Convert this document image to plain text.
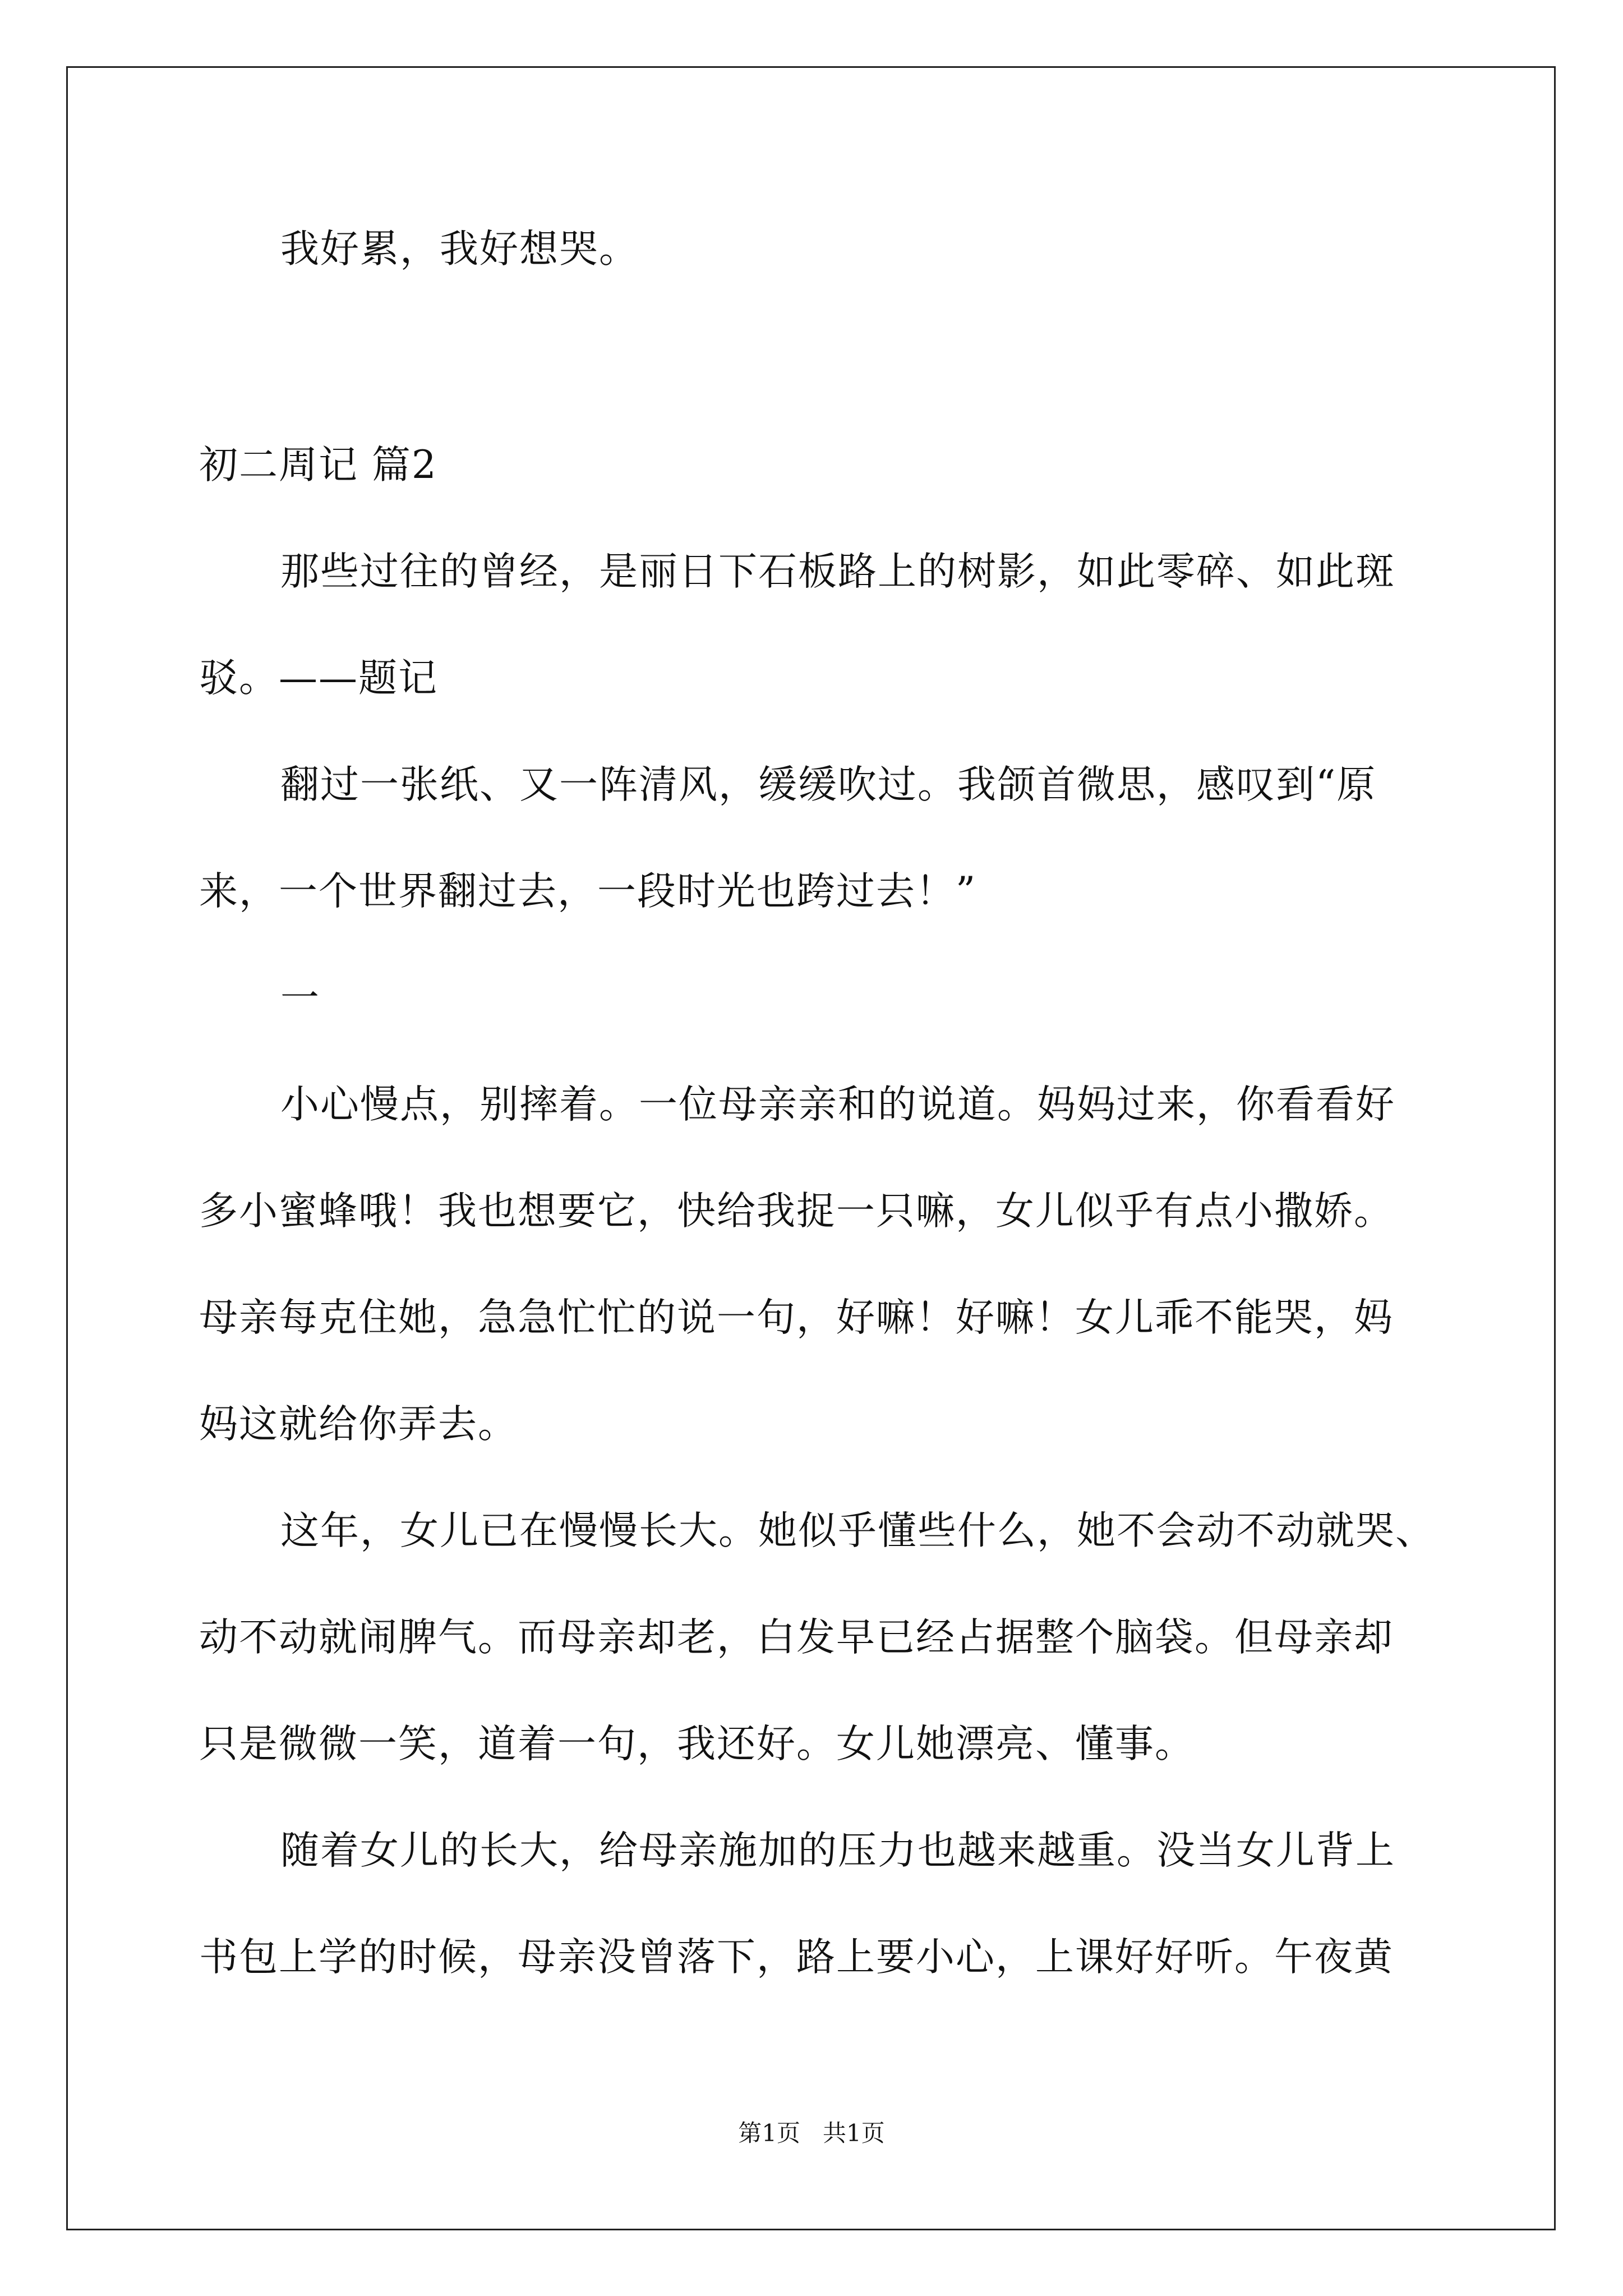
我好累，我好想哭。

初二周记 篇2

那些过往的曾经，是丽日下石板路上的树影，如此零碎、如此斑

驳。——题记

翻过一张纸、又一阵清风，缓缓吹过。我颌首微思，感叹到“原

来，一个世界翻过去，一段时光也跨过去！”

一

小心慢点，别摔着。一位母亲亲和的说道。妈妈过来，你看看好

多小蜜蜂哦！我也想要它，快给我捉一只嘛，女儿似乎有点小撒娇。

母亲每克住她，急急忙忙的说一句，好嘛！好嘛！女儿乖不能哭，妈

妈这就给你弄去。

这年，女儿已在慢慢长大。她似乎懂些什么，她不会动不动就哭、

动不动就闹脾气。而母亲却老，白发早已经占据整个脑袋。但母亲却

只是微微一笑，道着一句，我还好。女儿她漂亮、懂事。

随着女儿的长大，给母亲施加的压力也越来越重。没当女儿背上

书包上学的时候，母亲没曾落下，路上要小心，上课好好听。午夜黄

第1页   共1页
